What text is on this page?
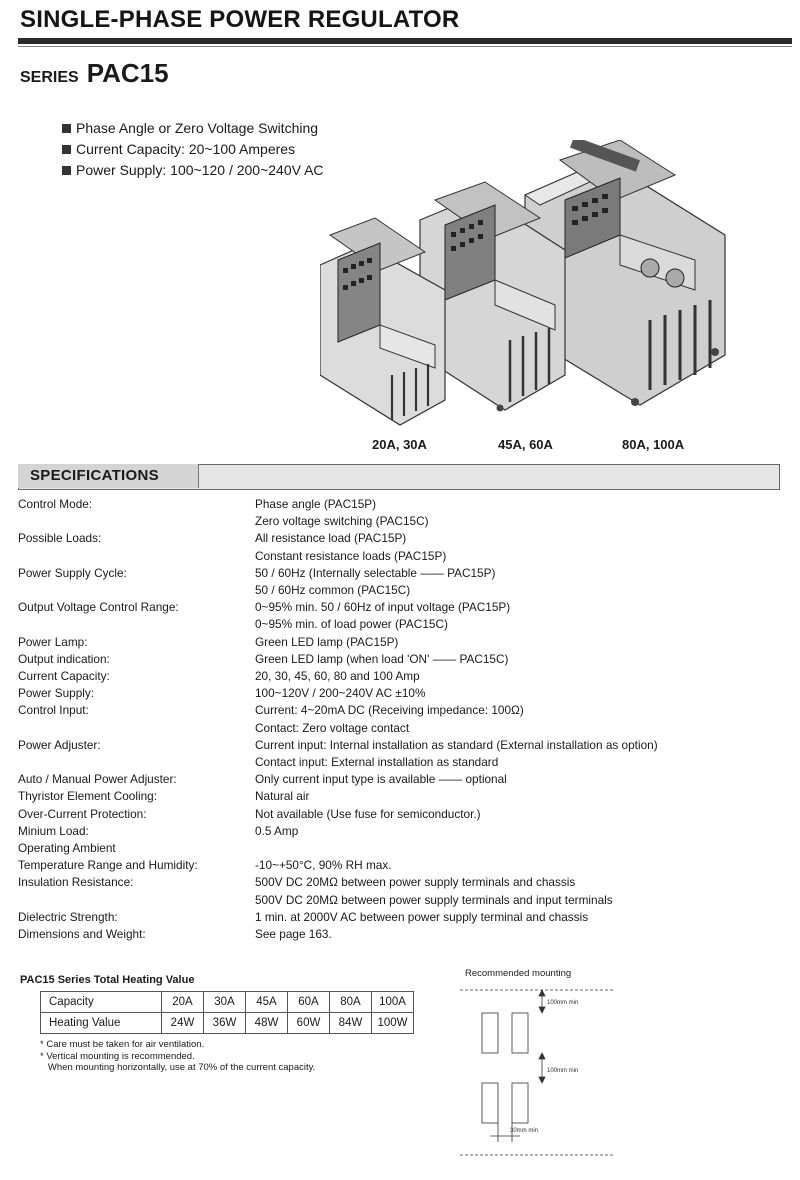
SINGLE-PHASE POWER REGULATOR
SERIES PAC15
Phase Angle or Zero Voltage Switching
Current Capacity: 20~100 Amperes
Power Supply: 100~120 / 200~240V AC
20A, 30A	45A, 60A	80A, 100A
SPECIFICATIONS
Control Mode:	Phase angle (PAC15P)
Zero voltage switching (PAC15C)

Possible Loads:	All resistance load (PAC15P)
Constant resistance loads (PAC15P)

Power Supply Cycle:	50 / 60Hz (Internally selectable —— PAC15P)
50 / 60Hz common (PAC15C)

Output Voltage Control Range:	0~95% min. 50 / 60Hz of input voltage (PAC15P)
0~95% min. of load power (PAC15C)

Power Lamp:	Green LED lamp (PAC15P)

Output indication:	Green LED lamp (when load 'ON' —— PAC15C)

Current Capacity:	20, 30, 45, 60, 80 and 100 Amp

Power Supply:	100~120V / 200~240V AC ±10%

Control Input:	Current: 4~20mA DC (Receiving impedance: 100Ω)
Contact: Zero voltage contact

Power Adjuster:	Current input: Internal installation as standard (External installation as option)
Contact input: External installation as standard

Auto / Manual Power Adjuster:	Only current input type is available —— optional

Thyristor Element Cooling:	Natural air

Over-Current Protection:	Not available (Use fuse for semiconductor.)

Minium Load:	0.5 Amp

Operating Ambient	

Temperature Range and Humidity:	-10~+50°C, 90% RH max.

Insulation Resistance:	500V DC 20MΩ between power supply terminals and chassis
500V DC 20MΩ between power supply terminals and input terminals

Dielectric Strength:	1 min. at 2000V AC between power supply terminal and chassis

Dimensions and Weight:	See page 163.
PAC15 Series Total Heating Value
Capacity	20A	30A	45A	60A	80A	100A
Heating Value	24W	36W	48W	60W	84W	100W
* Care must be taken for air ventilation.
* Vertical mounting is recommended.
When mounting horizontally, use at 70% of the current capacity.
Recommended mounting
100mm min
100mm min
30mm min
